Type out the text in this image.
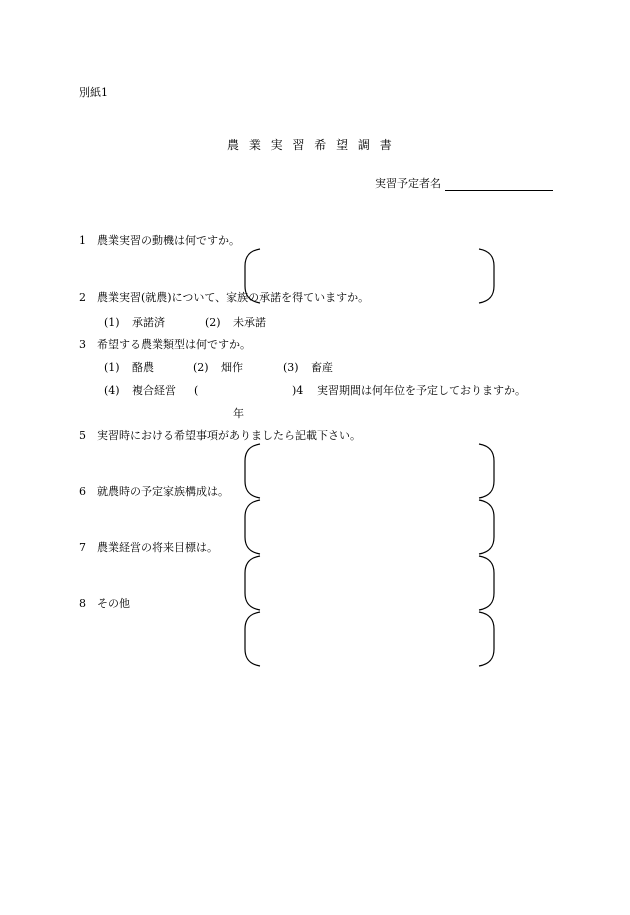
別紙1
農 業 実 習 希 望 調 書
実習予定者名
1 農業実習の動機は何ですか。
2 農業実習(就農)について、家族の承諾を得ていますか。
(1) 承諾済	(2) 未承諾
3 希望する農業類型は何ですか。
(1) 酪農	(2) 畑作	(3) 畜産
(4) 複合経営 (	)4 実習期間は何年位を予定しておりますか。
年
5 実習時における希望事項がありましたら記載下さい。
6 就農時の予定家族構成は。
7 農業経営の将来目標は。
8 その他
